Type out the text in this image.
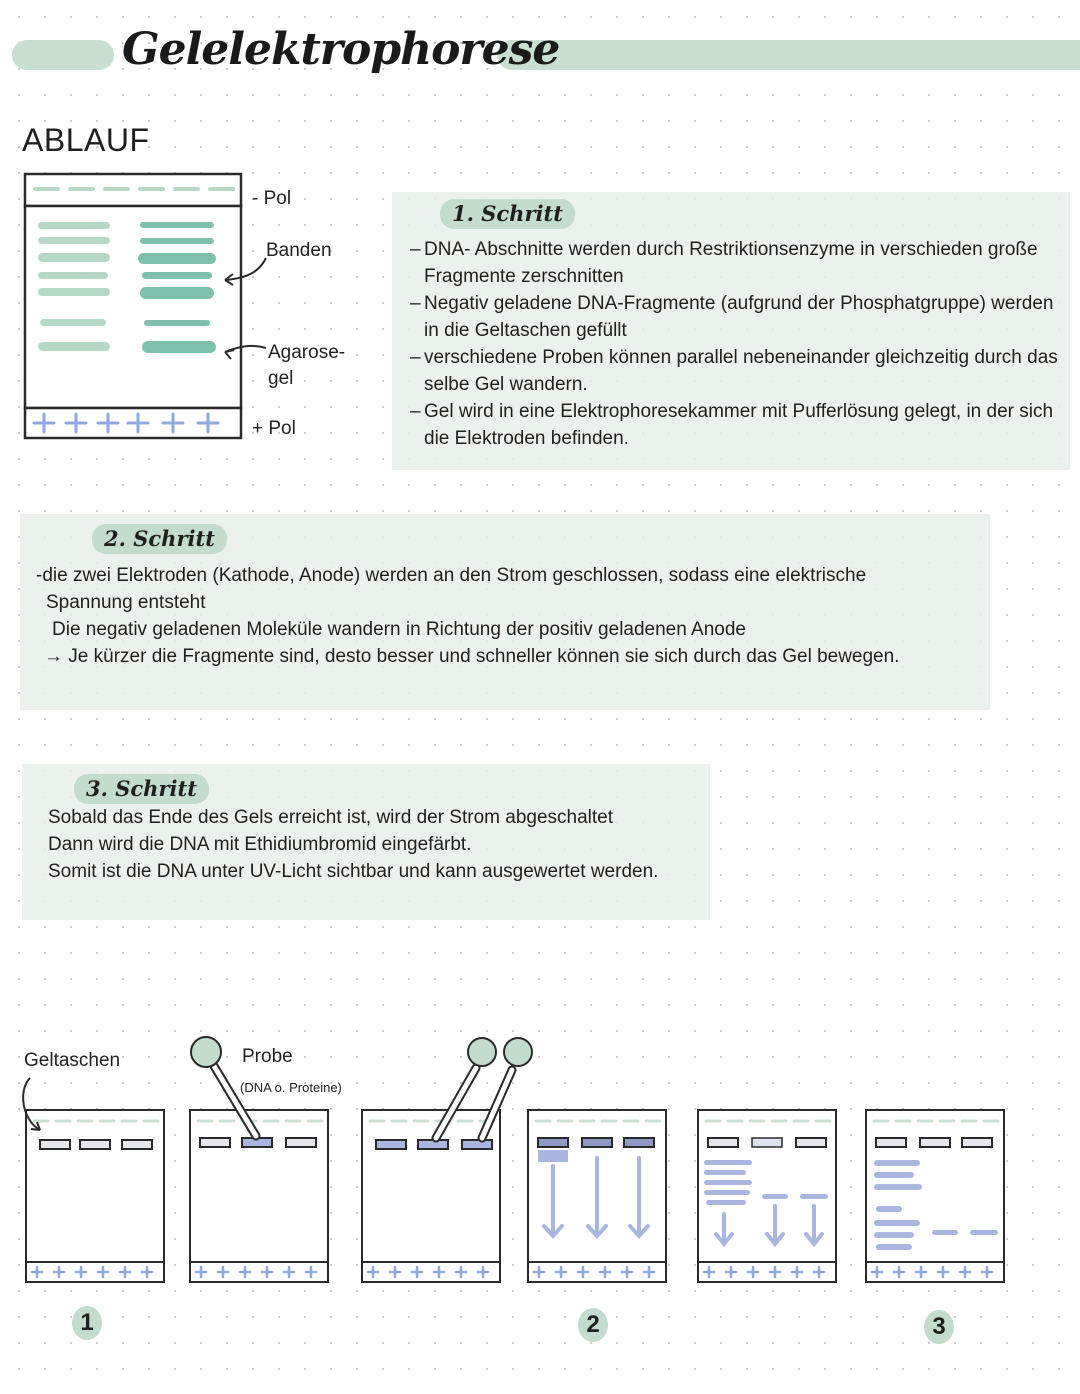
Gelelektrophorese
ABLAUF
- Pol
Banden
Agarose-
gel
+ Pol
1. Schritt
– DNA- Abschnitte werden durch Restriktionsenzyme in verschieden große Fragmente zerschnitten
– Negativ geladene DNA-Fragmente (aufgrund der Phosphatgruppe) werden in die Geltaschen gefüllt
– verschiedene Proben können parallel nebeneinander gleichzeitig durch das selbe Gel wandern.
– Gel wird in eine Elektrophoresekammer mit Pufferlösung gelegt, in der sich die Elektroden befinden.
2. Schritt

-die zwei Elektroden (Kathode, Anode) werden an den Strom geschlossen, sodass eine elektrische

Spannung entsteht

Die negativ geladenen Moleküle wandern in Richtung der positiv geladenen Anode

→ Je kürzer die Fragmente sind, desto besser und schneller können sie sich durch das Gel bewegen.

3. Schritt

Sobald das Ende des Gels erreicht ist, wird der Strom abgeschaltet

Dann wird die DNA mit Ethidiumbromid eingefärbt.

Somit ist die DNA unter UV-Licht sichtbar und kann ausgewertet werden.

Geltaschen	Probe
(DNA o. Proteine)
1	2	3
